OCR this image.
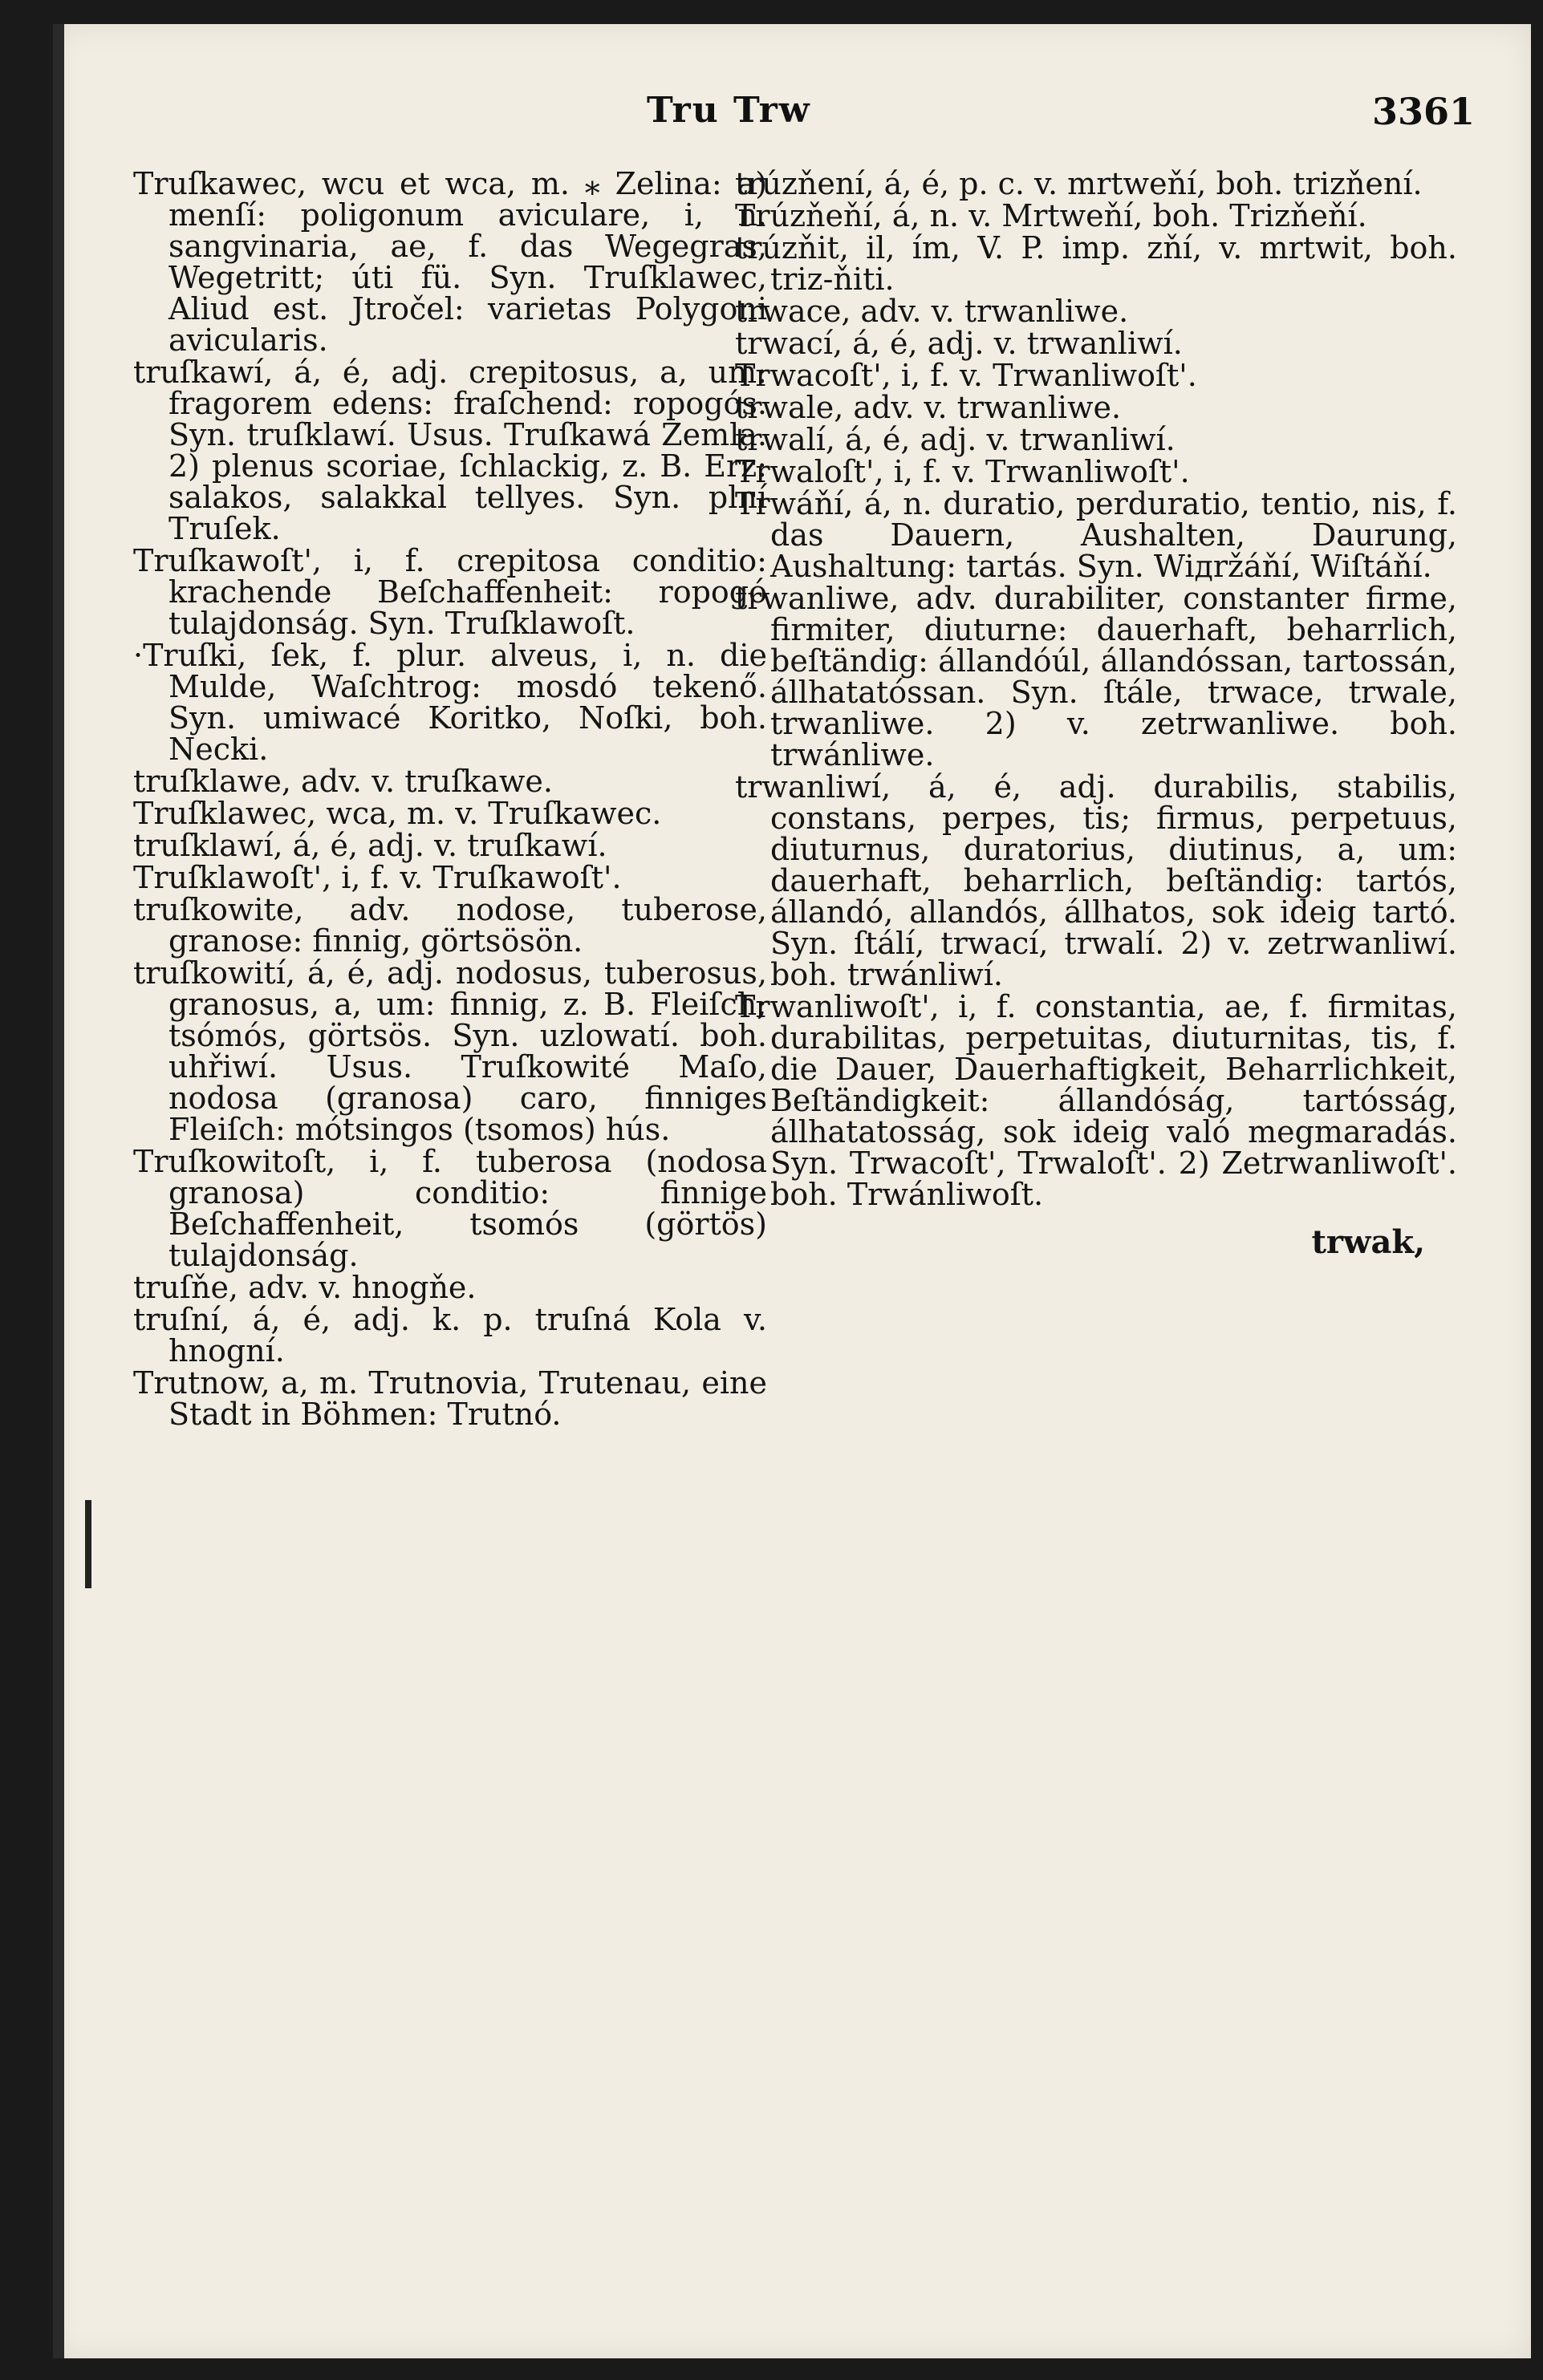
Tru Trw	3361

Truſkawec, wcu et wca, m. ⁎ Zelina: a) menſí: poligonum aviculare, i, n. sangvinaria, ae, f. das Wegegras, Wegetritt; úti fü. Syn. Truſklawec, Aliud est. Jtročel: varietas Polygoni avicularis.

truſkawí, á, é, adj. crepitosus, a, um: fragorem edens: fraſchend: ropogós. Syn. truſklawí. Usus. Truſkawá Zemla. 2) plenus scoriae, ſchlackig, z. B. Erz: salakos, salakkal tellyes. Syn. plní Truſek.

Truſkawoſt', i, f. crepitosa conditio: krachende Beſchaffenheit: ropogó tulajdonság. Syn. Truſklawoſt.

·Truſki, ſek, f. plur. alveus, i, n. die Mulde, Waſchtrog: mosdó tekenő. Syn. umiwacé Koritko, Noſki, boh. Necki.

truſklawe, adv. v. truſkawe.

Truſklawec, wca, m. v. Truſkawec.

truſklawí, á, é, adj. v. truſkawí.

Truſklawoſt', i, f. v. Truſkawoſt'.

truſkowite, adv. nodose, tuberose, granose: finnig, görtsösön.

truſkowití, á, é, adj. nodosus, tuberosus, granosus, a, um: finnig, z. B. Fleiſch; tsómós, görtsös. Syn. uzlowatí. boh. uhřiwí. Usus. Truſkowité Maſo, nodosa (granosa) caro, finniges Fleiſch: mótsingos (tsomos) hús.

Truſkowitoſt, i, f. tuberosa (nodosa granosa) conditio: finnige Beſchaffenheit, tsomós (görtös) tulajdonság.

truſňe, adv. v. hnogňe.

truſní, á, é, adj. k. p. truſná Kola v. hnogní.

Trutnow, a, m. Trutnovia, Trutenau, eine Stadt in Böhmen: Trutnó.

trúzňení, á, é, p. c. v. mrtweňí, boh. trizňení.

Trúzňeňí, á, n. v. Mrtweňí, boh. Trizňeňí.

trúzňit, il, ím, V. P. imp. zňí, v. mrtwit, boh. triz-ňiti.

trwace, adv. v. trwanliwe.

trwací, á, é, adj. v. trwanliwí.

Trwacoſt', i, f. v. Trwanliwoſt'.

trwale, adv. v. trwanliwe.

trwalí, á, é, adj. v. trwanliwí.

Trwaloſt', i, f. v. Trwanliwoſt'.

Trwáňí, á, n. duratio, perduratio, tentio, nis, f. das Dauern, Aushalten, Daurung, Aushaltung: tartás. Syn. Wiдržáňí, Wiſtáňí.

trwanliwe, adv. durabiliter, constanter firme, firmiter, diuturne: dauerhaft, beharrlich, beſtändig: állandóúl, állandóssan, tartossán, állhatatóssan. Syn. ſtále, trwace, trwale, trwanliwe. 2) v. zetrwanliwe. boh. trwánliwe.

trwanliwí, á, é, adj. durabilis, stabilis, constans, perpes, tis; firmus, perpetuus, diuturnus, duratorius, diutinus, a, um: dauerhaft, beharrlich, beſtändig: tartós, állandó, allandós, állhatos, sok ideig tartó. Syn. ſtálí, trwací, trwalí. 2) v. zetrwanliwí. boh. trwánliwí.

Trwanliwoſt', i, f. constantia, ae, f. firmitas, durabilitas, perpetuitas, diuturnitas, tis, f. die Dauer, Dauerhaftigkeit, Beharrlichkeit, Beſtändigkeit: állandóság, tartósság, állhatatosság, sok ideig való megmaradás. Syn. Trwacoſt', Trwaloſt'. 2) Zetrwanliwoſt'. boh. Trwánliwoſt.

trwak,
